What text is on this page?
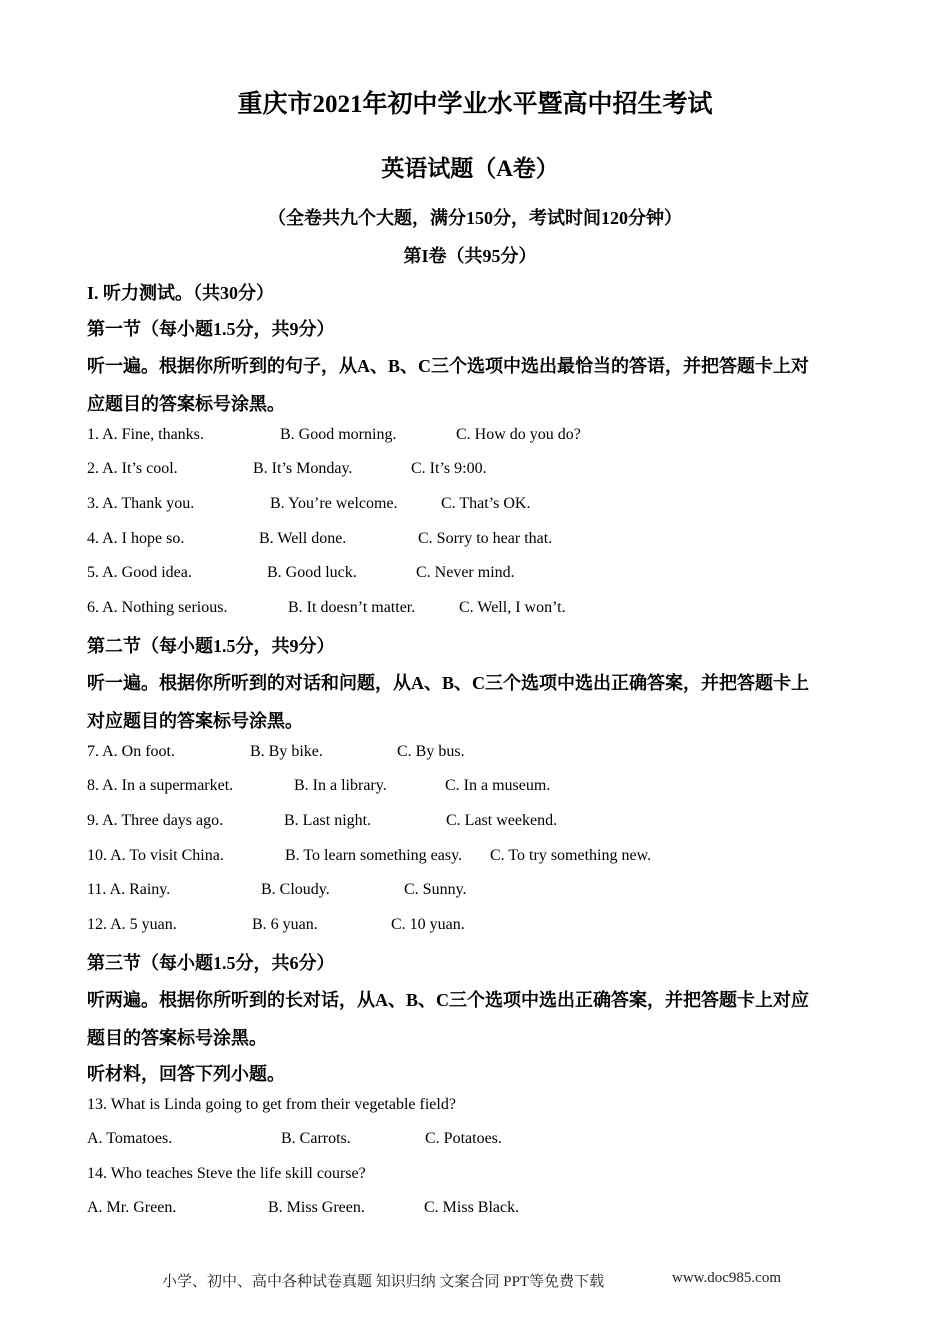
重庆市2021年初中学业水平暨高中招生考试
英语试题（A卷）
（全卷共九个大题，满分150分，考试时间120分钟）
第I卷（共95分）
I. 听力测试。（共30分）
第一节（每小题1.5分，共9分）
听一遍。根据你所听到的句子，从A、B、C三个选项中选出最恰当的答语，并把答题卡上对
应题目的答案标号涂黑。
1. A. Fine, thanks.	B. Good morning.	C. How do you do?
2. A. It’s cool.	B. It’s Monday.	C. It’s 9:00.
3. A. Thank you.	B. You’re welcome.	C. That’s OK.
4. A. I hope so.	B. Well done.	C. Sorry to hear that.
5. A. Good idea.	B. Good luck.	C. Never mind.
6. A. Nothing serious.	B. It doesn’t matter.	C. Well, I won’t.
第二节（每小题1.5分，共9分）
听一遍。根据你所听到的对话和问题，从A、B、C三个选项中选出正确答案，并把答题卡上
对应题目的答案标号涂黑。
7. A. On foot.	B. By bike.	C. By bus.
8. A. In a supermarket.	B. In a library.	C. In a museum.
9. A. Three days ago.	B. Last night.	C. Last weekend.
10. A. To visit China.	B. To learn something easy. C. To try something new.
11. A. Rainy.	B. Cloudy.	C. Sunny.
12. A. 5 yuan.	B. 6 yuan.	C. 10 yuan.
第三节（每小题1.5分，共6分）
听两遍。根据你所听到的长对话，从A、B、C三个选项中选出正确答案，并把答题卡上对应
题目的答案标号涂黑。
听材料，回答下列小题。
13. What is Linda going to get from their vegetable field?
A. Tomatoes.	B. Carrots.	C. Potatoes.
14. Who teaches Steve the life skill course?
A. Mr. Green.	B. Miss Green.	C. Miss Black.
小学、初中、高中各种试卷真题 知识归纳 文案合同 PPT等免费下载	www.doc985.com
